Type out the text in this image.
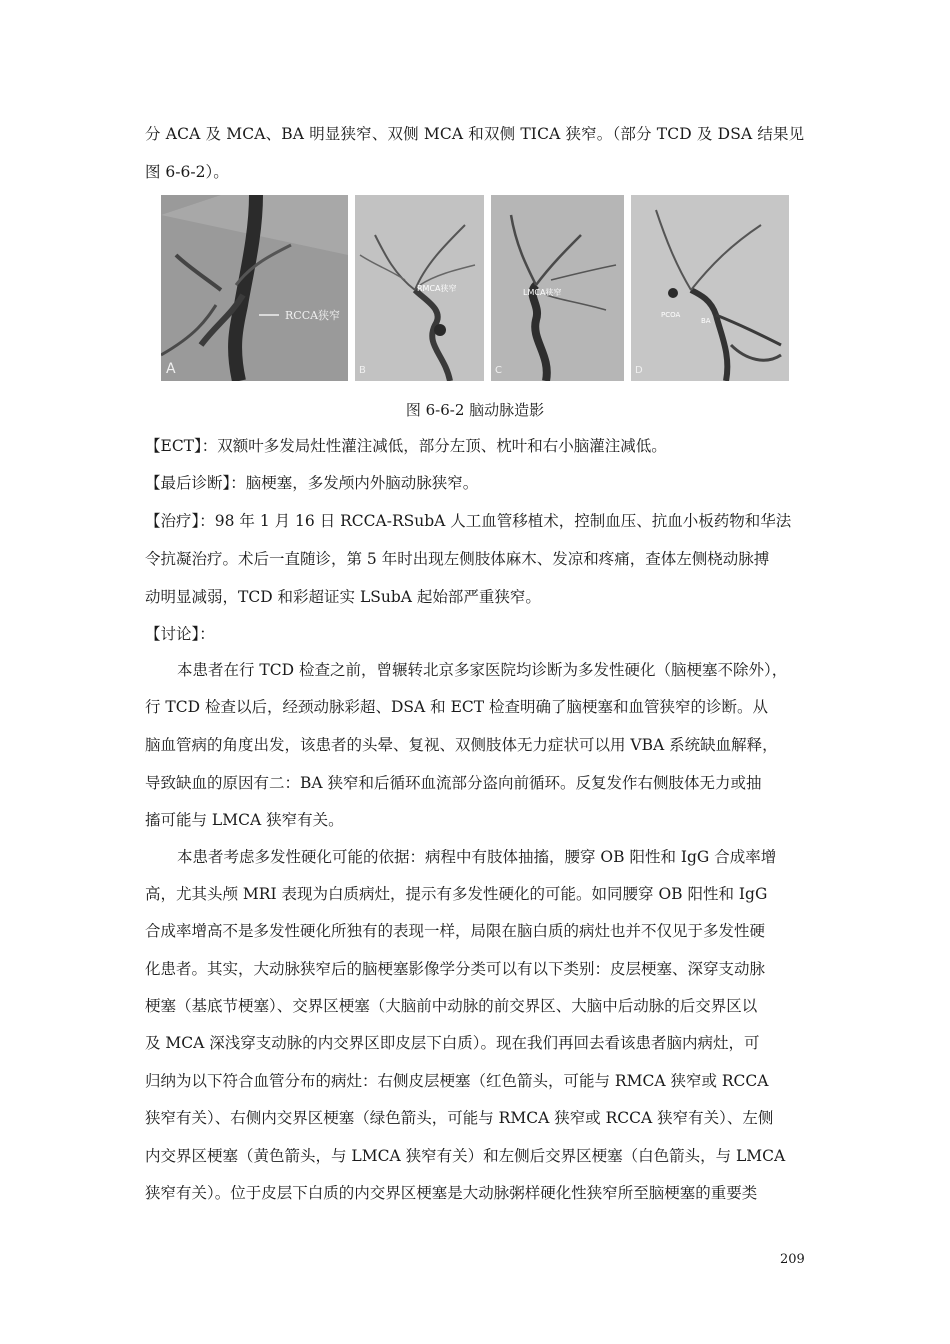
分 ACA 及 MCA、BA 明显狭窄、双侧 MCA 和双侧 TICA 狭窄。（部分 TCD 及 DSA 结果见
图 6-6-2）。
RCCA狭窄
A
RMCA狭窄
B
LMCA狭窄
C
PCOA
BA
D
图 6-6-2 脑动脉造影
【ECT】：双额叶多发局灶性灌注减低，部分左顶、枕叶和右小脑灌注减低。
【最后诊断】：脑梗塞，多发颅内外脑动脉狭窄。
【治疗】：98 年 1 月 16 日 RCCA-RSubA 人工血管移植术，控制血压、抗血小板药物和华法
令抗凝治疗。术后一直随诊，第 5 年时出现左侧肢体麻木、发凉和疼痛，查体左侧桡动脉搏
动明显减弱，TCD 和彩超证实 LSubA 起始部严重狭窄。
【讨论】：
本患者在行 TCD 检查之前，曾辗转北京多家医院均诊断为多发性硬化（脑梗塞不除外），
行 TCD 检查以后，经颈动脉彩超、DSA 和 ECT 检查明确了脑梗塞和血管狭窄的诊断。从
脑血管病的角度出发，该患者的头晕、复视、双侧肢体无力症状可以用 VBA 系统缺血解释，
导致缺血的原因有二：BA 狭窄和后循环血流部分盗向前循环。反复发作右侧肢体无力或抽
搐可能与 LMCA 狭窄有关。
本患者考虑多发性硬化可能的依据：病程中有肢体抽搐，腰穿 OB 阳性和 IgG 合成率增
高，尤其头颅 MRI 表现为白质病灶，提示有多发性硬化的可能。如同腰穿 OB 阳性和 IgG
合成率增高不是多发性硬化所独有的表现一样，局限在脑白质的病灶也并不仅见于多发性硬
化患者。其实，大动脉狭窄后的脑梗塞影像学分类可以有以下类别：皮层梗塞、深穿支动脉
梗塞（基底节梗塞）、交界区梗塞（大脑前中动脉的前交界区、大脑中后动脉的后交界区以
及 MCA 深浅穿支动脉的内交界区即皮层下白质）。现在我们再回去看该患者脑内病灶，可
归纳为以下符合血管分布的病灶：右侧皮层梗塞（红色箭头，可能与 RMCA 狭窄或 RCCA
狭窄有关）、右侧内交界区梗塞（绿色箭头，可能与 RMCA 狭窄或 RCCA 狭窄有关）、左侧
内交界区梗塞（黄色箭头，与 LMCA 狭窄有关）和左侧后交界区梗塞（白色箭头，与 LMCA
狭窄有关）。位于皮层下白质的内交界区梗塞是大动脉粥样硬化性狭窄所至脑梗塞的重要类
209
